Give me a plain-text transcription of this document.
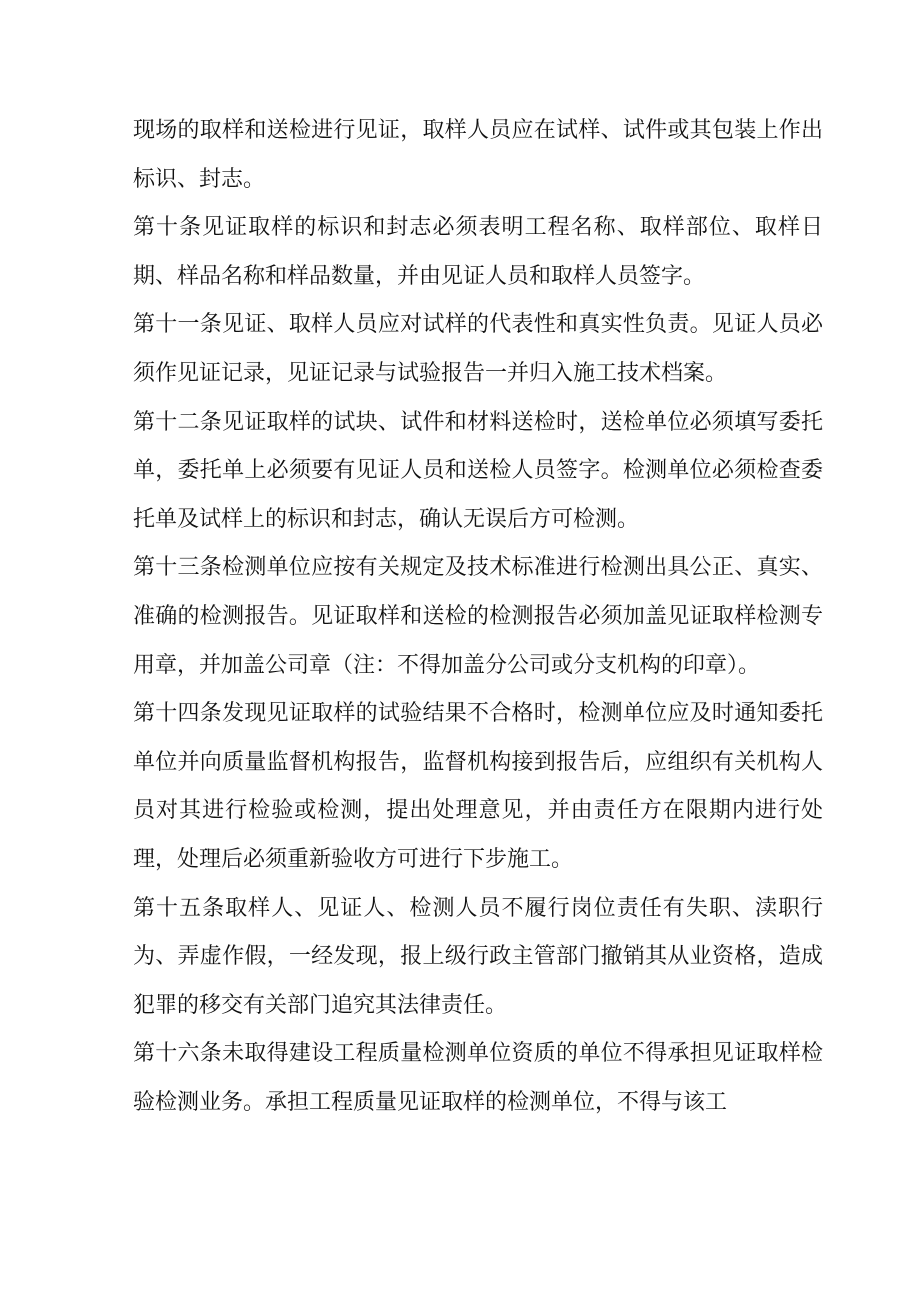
现场的取样和送检进行见证，取样人员应在试样、试件或其包装上作出标识、封志。

第十条见证取样的标识和封志必须表明工程名称、取样部位、取样日期、样品名称和样品数量，并由见证人员和取样人员签字。

第十一条见证、取样人员应对试样的代表性和真实性负责。见证人员必须作见证记录，见证记录与试验报告一并归入施工技术档案。

第十二条见证取样的试块、试件和材料送检时，送检单位必须填写委托单，委托单上必须要有见证人员和送检人员签字。检测单位必须检查委托单及试样上的标识和封志，确认无误后方可检测。

第十三条检测单位应按有关规定及技术标准进行检测出具公正、真实、准确的检测报告。见证取样和送检的检测报告必须加盖见证取样检测专用章，并加盖公司章（注：不得加盖分公司或分支机构的印章）。

第十四条发现见证取样的试验结果不合格时，检测单位应及时通知委托单位并向质量监督机构报告，监督机构接到报告后，应组织有关机构人员对其进行检验或检测，提出处理意见，并由责任方在限期内进行处理，处理后必须重新验收方可进行下步施工。

第十五条取样人、见证人、检测人员不履行岗位责任有失职、渎职行为、弄虚作假，一经发现，报上级行政主管部门撤销其从业资格，造成犯罪的移交有关部门追究其法律责任。

第十六条未取得建设工程质量检测单位资质的单位不得承担见证取样检验检测业务。承担工程质量见证取样的检测单位，不得与该工
